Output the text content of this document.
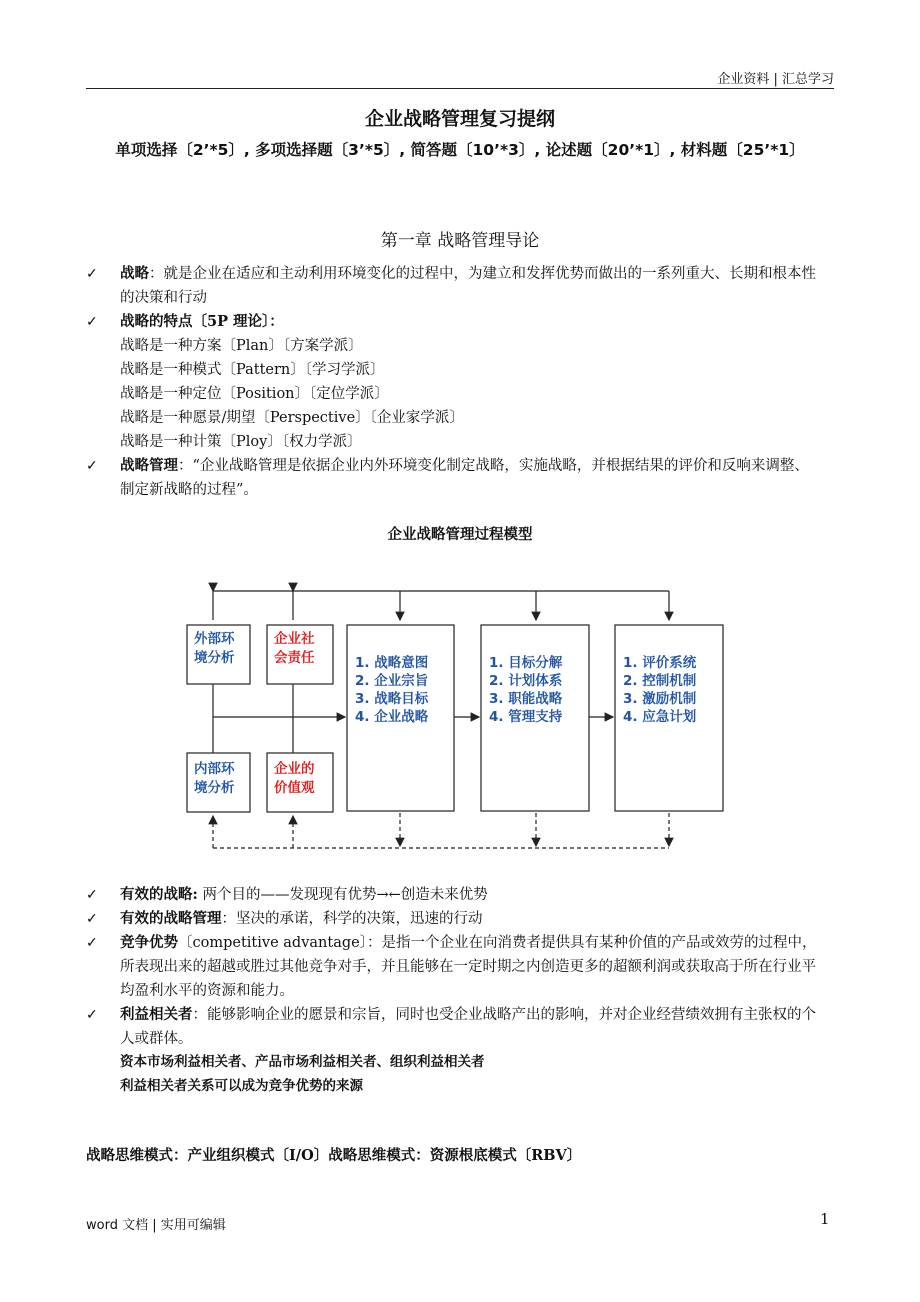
企业资料 | 汇总学习
企业战略管理复习提纲
单项选择〔2’*5〕, 多项选择题〔3’*5〕, 简答题〔10’*3〕, 论述题〔20’*1〕, 材料题〔25’*1〕
第一章 战略管理导论
✓ 战略：就是企业在适应和主动利用环境变化的过程中，为建立和发挥优势而做出的一系列重大、长期和根本性的决策和行动
✓ 战略的特点〔5P 理论〕：
战略是一种方案〔Plan〕〔方案学派〕
战略是一种模式〔Pattern〕〔学习学派〕
战略是一种定位〔Position〕〔定位学派〕
战略是一种愿景/期望〔Perspective〕〔企业家学派〕
战略是一种计策〔Ploy〕〔权力学派〕
✓ 战略管理：“企业战略管理是依据企业内外环境变化制定战略，实施战略，并根据结果的评价和反响来调整、制定新战略的过程”。
企业战略管理过程模型
外部环
境分析
企业社
会责任
内部环
境分析
企业的
价值观
1. 战略意图
2. 企业宗旨
3. 战略目标
4. 企业战略
1. 目标分解
2. 计划体系
3. 职能战略
4. 管理支持
1. 评价系统
2. 控制机制
3. 激励机制
4. 应急计划
✓ 有效的战略: 两个目的——发现现有优势→←创造未来优势
✓ 有效的战略管理：坚决的承诺，科学的决策，迅速的行动
✓ 竞争优势〔competitive advantage〕：是指一个企业在向消费者提供具有某种价值的产品或效劳的过程中，所表现出来的超越或胜过其他竞争对手，并且能够在一定时期之内创造更多的超额利润或获取高于所在行业平均盈利水平的资源和能力。
✓ 利益相关者：能够影响企业的愿景和宗旨，同时也受企业战略产出的影响，并对企业经营绩效拥有主张权的个人或群体。
资本市场利益相关者、产品市场利益相关者、组织利益相关者
利益相关者关系可以成为竞争优势的来源
战略思维模式：产业组织模式〔I/O〕战略思维模式：资源根底模式〔RBV〕
word 文档 | 实用可编辑	1
